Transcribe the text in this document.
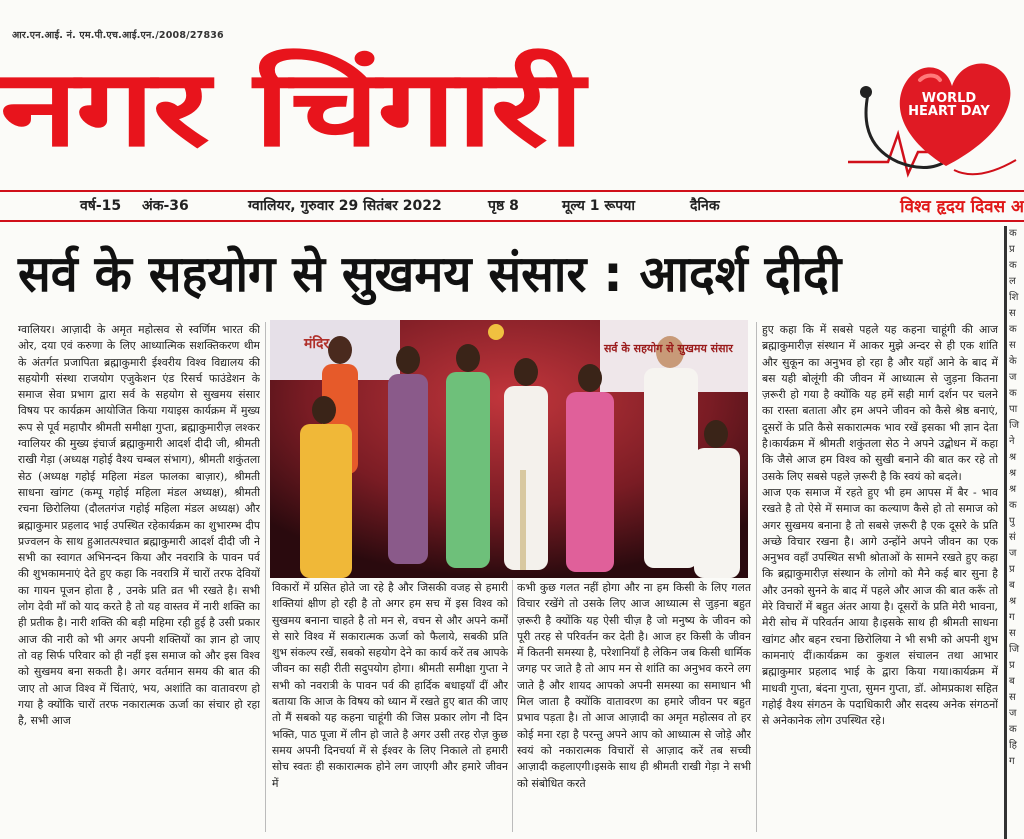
आर.एन.आई. नं. एम.पी.एच.आई.एन./2008/27836
नगर चिंगारी	WORLD HEART DAY
वर्ष-15 अंक-36	ग्वालियर, गुरुवार 29 सितंबर 2022	पृष्ठ 8	मूल्य 1 रूपया	दैनिक	विश्व हृदय दिवस अ
सर्व के सहयोग से सुखमय संसार : आदर्श दीदी
ग्वालियर। आज़ादी के अमृत महोत्सव से स्वर्णिम भारत की ओर, दया एवं करुणा के लिए आध्यात्मिक सशक्तिकरण थीम के अंतर्गत प्रजापिता ब्रह्माकुमारी ईश्वरीय विश्व विद्यालय की सहयोगी संस्था राजयोग एजुकेशन एंड रिसर्च फाउंडेशन के समाज सेवा प्रभाग द्वारा सर्व के सहयोग से सुखमय संसार विषय पर कार्यक्रम आयोजित किया गयाइस कार्यक्रम में मुख्य रूप से पूर्व महापौर श्रीमती समीक्षा गुप्ता, ब्रह्माकुमारीज़ लश्कर ग्वालियर की मुख्य इंचार्ज ब्रह्माकुमारी आदर्श दीदी जी, श्रीमती राखी गेड़ा (अध्यक्ष गहोई वैश्य चम्बल संभाग), श्रीमती शकुंतला सेठ (अध्यक्ष गहोई महिला मंडल फालका बाज़ार), श्रीमती साधना खांगट (कम्पू गहोई महिला मंडल अध्यक्ष), श्रीमती रचना छिरोलिया (दौलतगंज गहोई महिला मंडल अध्यक्ष) और ब्रह्माकुमार प्रहलाद भाई उपस्थित रहेकार्यक्रम का शुभारम्भ दीप प्रज्वलन के साथ हुआतत्पश्चात ब्रह्माकुमारी आदर्श दीदी जी ने सभी का स्वागत अभिनन्दन किया और नवरात्रि के पावन पर्व की शुभकामनाएं देते हुए कहा कि नवरात्रि में चारों तरफ देवियों का गायन पूजन होता है , उनके प्रति व्रत भी रखते है। सभी लोग देवी माँ को याद करते है तो यह वास्तव में नारी शक्ति का ही प्रतीक है। नारी शक्ति की बड़ी महिमा रही हुई है उसी प्रकार आज की नारी को भी अगर अपनी शक्तियों का ज्ञान हो जाए तो वह सिर्फ परिवार को ही नहीं इस समाज को और इस विश्व को सुखमय बना सकती है। अगर वर्तमान समय की बात की जाए तो आज विश्व में चिंताएं, भय, अशांति का वातावरण हो गया है क्योंकि चारों तरफ नकारात्मक ऊर्जा का संचार हो रहा है, सभी आज
मंदिर	सर्व के सहयोग से सुखमय संसार
विकारों में ग्रसित होते जा रहे है और जिसकी वजह से हमारी शक्तियां क्षीण हो रही है तो अगर हम सच में इस विश्व को सुखमय बनाना चाहते है तो मन से, वचन से और अपने कर्मों से सारे विश्व में सकारात्मक ऊर्जा को फैलाये, सबकी प्रति शुभ संकल्प रखें, सबको सहयोग देने का कार्य करें तब आपके जीवन का सही रीती सदुपयोग होगा। श्रीमती समीक्षा गुप्ता ने सभी को नवरात्री के पावन पर्व की हार्दिक बधाइयाँ दीं और बताया कि आज के विषय को ध्यान में रखते हुए बात की जाए तो मैं सबको यह कहना चाहूंगी की जिस प्रकार लोग नौ दिन भक्ति, पाठ पूजा में लीन हो जाते है अगर उसी तरह रोज़ कुछ समय अपनी दिनचर्या में से ईश्वर के लिए निकाले तो हमारी सोच स्वतः ही सकारात्मक होने लग जाएगी और हमारे जीवन में
कभी कुछ गलत नहीं होगा और ना हम किसी के लिए गलत विचार रखेंगे तो उसके लिए आज आध्यात्म से जुड़ना बहुत ज़रूरी है क्योंकि यह ऐसी चीज़ है जो मनुष्य के जीवन को पूरी तरह से परिवर्तन कर देती है। आज हर किसी के जीवन में कितनी समस्या है, परेशानियाँ है लेकिन जब किसी धार्मिक जगह पर जाते है तो आप मन से शांति का अनुभव करने लग जाते है और शायद आपको अपनी समस्या का समाधान भी मिल जाता है क्योंकि वातावरण का हमारे जीवन पर बहुत प्रभाव पड़ता है। तो आज आज़ादी का अमृत महोत्सव तो हर कोई मना रहा है परन्तु अपने आप को आध्यात्म से जोड़े और स्वयं को नकारात्मक विचारों से आज़ाद करें तब सच्ची आज़ादी कहलाएगी।इसके साथ ही श्रीमती राखी गेड़ा ने सभी को संबोधित करते
हुए कहा कि में सबसे पहले यह कहना चाहूंगी की आज ब्रह्माकुमारीज़ संस्थान में आकर मुझे अन्दर से ही एक शांति और सुकून का अनुभव हो रहा है और यहाँ आने के बाद में बस यही बोलूंगी की जीवन में आध्यात्म से जुड़ना कितना ज़रूरी हो गया है क्योंकि यह हमें सही मार्ग दर्शन पर चलने का रास्ता बताता और हम अपने जीवन को कैसे श्रेष्ठ बनाएं, दूसरों के प्रति कैसे सकारात्मक भाव रखें इसका भी ज्ञान देता है।कार्यक्रम में श्रीमती शकुंतला सेठ ने अपने उद्बोधन में कहा कि जैसे आज हम विश्व को सुखी बनाने की बात कर रहे तो उसके लिए सबसे पहले ज़रूरी है कि स्वयं को बदले।
आज एक समाज में रहते हुए भी हम आपस में बैर - भाव रखते है तो ऐसे में समाज का कल्याण कैसे हो तो समाज को अगर सुखमय बनाना है तो सबसे ज़रूरी है एक दूसरे के प्रति अच्छे विचार रखना है। आगे उन्होंने अपने जीवन का एक अनुभव वहाँ उपस्थित सभी श्रोताओं के सामने रखते हुए कहा कि ब्रह्माकुमारीज़ संस्थान के लोगो को मैने कई बार सुना है और उनको सुनने के बाद में पहले और आज की बात करूँ तो मेरे विचारों में बहुत अंतर आया है। दूसरों के प्रति मेरी भावना, मेरी सोच में परिवर्तन आया है।इसके साथ ही श्रीमती साधना खांगट और बहन रचना छिरोलिया ने भी सभी को अपनी शुभ कामनाएं दीं।कार्यक्रम का कुशल संचालन तथा आभार ब्रह्माकुमार प्रहलाद भाई के द्वारा किया गया।कार्यक्रम में माधवी गुप्ता, बंदना गुप्ता, सुमन गुप्ता, डॉ. ओमप्रकाश सहित गहोई वैश्य संगठन के पदाधिकारी और सदस्य अनेक संगठनों से अनेकानेक लोग उपस्थित रहे।
क
प्र
क
ल
शि
स
क
स
के
ज
क
पा
जि
ने
श्र
श्र
श्र
क
पु
सं
ज
प्र
ब
श्र
ग
स
जि
प्र
ब
स
ज
क
हि
ग
